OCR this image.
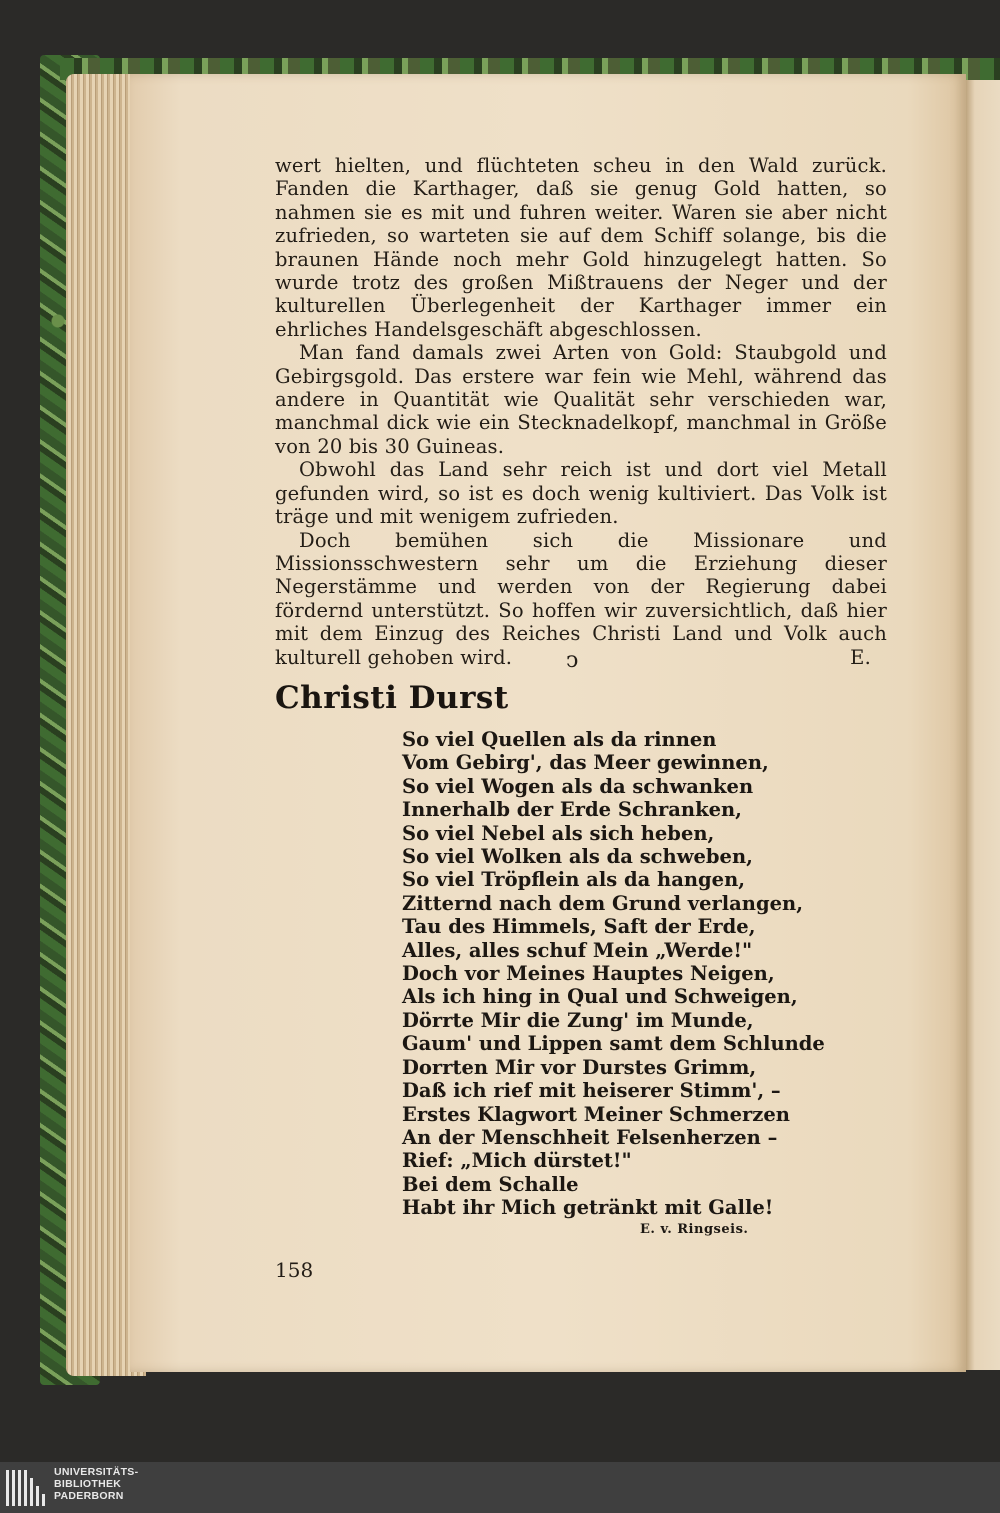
wert hielten, und flüchteten scheu in den Wald zurück. Fanden die Karthager, daß sie genug Gold hatten, so nahmen sie es mit und fuhren weiter. Waren sie aber nicht zufrieden, so warteten sie auf dem Schiff solange, bis die braunen Hände noch mehr Gold hinzugelegt hatten. So wurde trotz des großen Mißtrauens der Neger und der kulturellen Überlegenheit der Karthager immer ein ehrliches Handelsgeschäft abgeschlossen.

Man fand damals zwei Arten von Gold: Staubgold und Gebirgsgold. Das erstere war fein wie Mehl, während das andere in Quantität wie Qualität sehr verschieden war, manchmal dick wie ein Stecknadelkopf, manchmal in Größe von 20 bis 30 Guineas.

Obwohl das Land sehr reich ist und dort viel Metall gefunden wird, so ist es doch wenig kultiviert. Das Volk ist träge und mit wenigem zufrieden.

Doch bemühen sich die Missionare und Missionsschwestern sehr um die Erziehung dieser Negerstämme und werden von der Regierung dabei fördernd unterstützt. So hoffen wir zuversichtlich, daß hier mit dem Einzug des Reiches Christi Land und Volk auch kulturell gehoben wird.	E.

ↄ
Christi Durst
So viel Quellen als da rinnen
Vom Gebirg', das Meer gewinnen,
So viel Wogen als da schwanken
Innerhalb der Erde Schranken,
So viel Nebel als sich heben,
So viel Wolken als da schweben,
So viel Tröpflein als da hangen,
Zitternd nach dem Grund verlangen,
Tau des Himmels, Saft der Erde,
Alles, alles schuf Mein „Werde!"
Doch vor Meines Hauptes Neigen,
Als ich hing in Qual und Schweigen,
Dörrte Mir die Zung' im Munde,
Gaum' und Lippen samt dem Schlunde
Dorrten Mir vor Durstes Grimm,
Daß ich rief mit heiserer Stimm', –
Erstes Klagwort Meiner Schmerzen
An der Menschheit Felsenherzen –
Rief: „Mich dürstet!"
Bei dem Schalle
Habt ihr Mich getränkt mit Galle!
E. v. Ringseis.
158
UNIVERSITÄTS-
BIBLIOTHEK
PADERBORN
